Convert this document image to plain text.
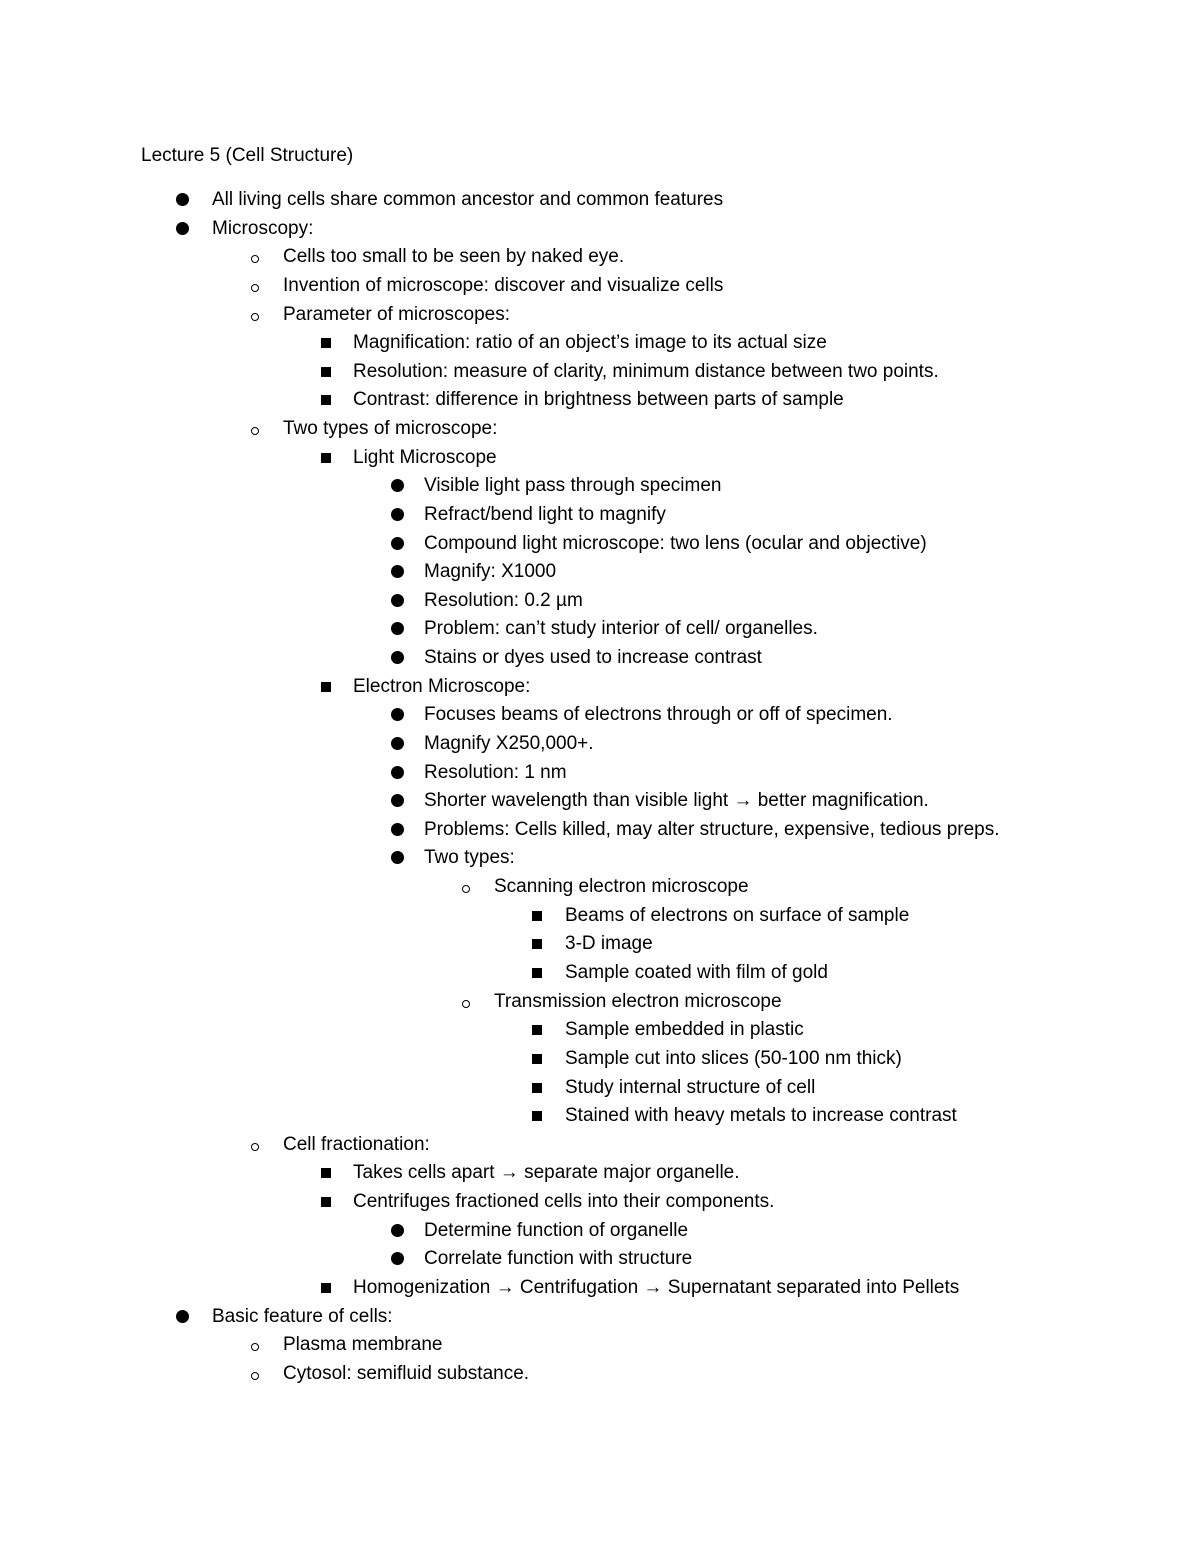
Lecture 5 (Cell Structure)
All living cells share common ancestor and common features
Microscopy:
Cells too small to be seen by naked eye.
Invention of microscope: discover and visualize cells
Parameter of microscopes:
Magnification: ratio of an object’s image to its actual size
Resolution: measure of clarity, minimum distance between two points.
Contrast: difference in brightness between parts of sample
Two types of microscope:
Light Microscope
Visible light pass through specimen
Refract/bend light to magnify
Compound light microscope: two lens (ocular and objective)
Magnify: X1000
Resolution: 0.2 µm
Problem: can’t study interior of cell/ organelles.
Stains or dyes used to increase contrast
Electron Microscope:
Focuses beams of electrons through or off of specimen.
Magnify X250,000+.
Resolution: 1 nm
Shorter wavelength than visible light → better magnification.
Problems: Cells killed, may alter structure, expensive, tedious preps.
Two types:
Scanning electron microscope
Beams of electrons on surface of sample
3-D image
Sample coated with film of gold
Transmission electron microscope
Sample embedded in plastic
Sample cut into slices (50-100 nm thick)
Study internal structure of cell
Stained with heavy metals to increase contrast
Cell fractionation:
Takes cells apart → separate major organelle.
Centrifuges fractioned cells into their components.
Determine function of organelle
Correlate function with structure
Homogenization → Centrifugation → Supernatant separated into Pellets
Basic feature of cells:
Plasma membrane
Cytosol: semifluid substance.
